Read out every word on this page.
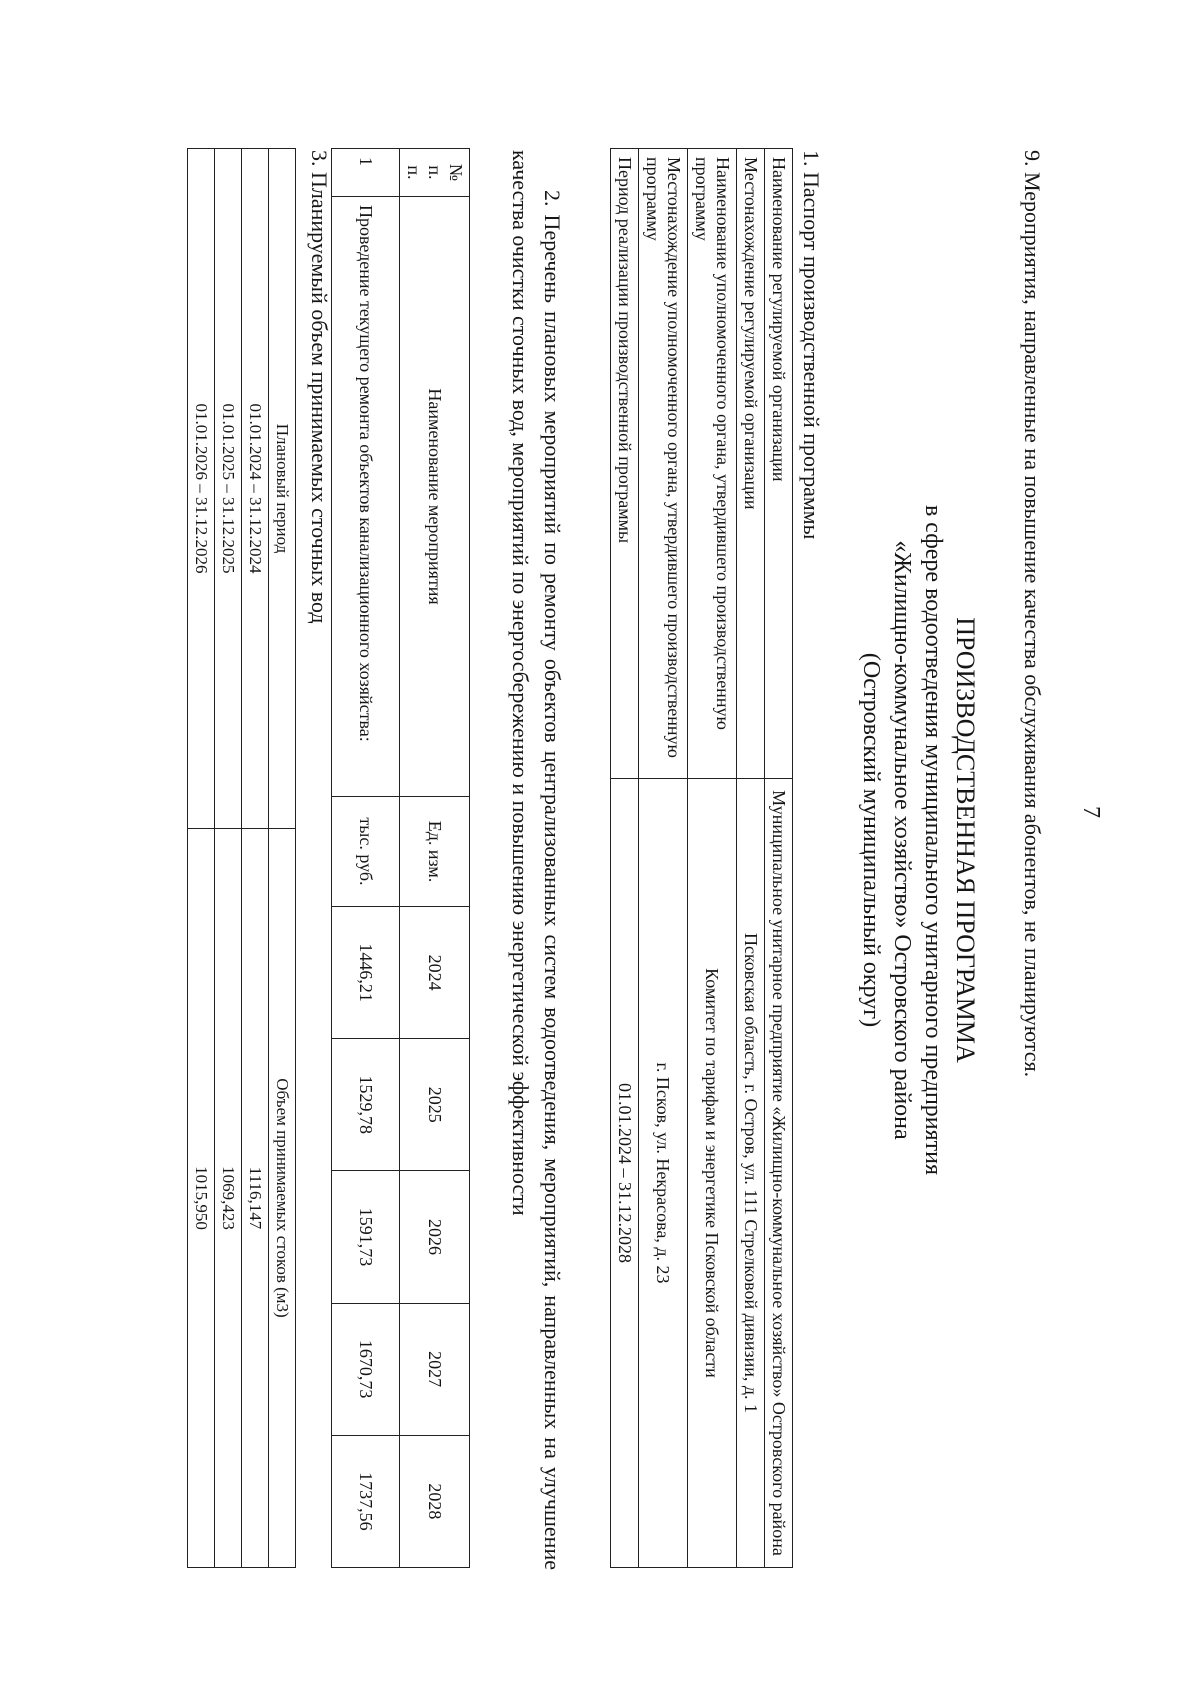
7
9. Мероприятия, направленные на повышение качества обслуживания абонентов, не планируются.
ПРОИЗВОДСТВЕННАЯ ПРОГРАММА
в сфере водоотведения муниципального унитарного предприятия
«Жилищно-коммунальное хозяйство» Островского района
(Островский муниципальный округ)
1. Паспорт производственной программы
Наименование регулируемой организации	Муниципальное унитарное предприятие «Жилищно-коммунальное хозяйство» Островского района
Местонахождение регулируемой организации	Псковская область, г. Остров, ул. 111 Стрелковой дивизии, д. 1
Наименование уполномоченного органа, утвердившего производственную программу	Комитет по тарифам и энергетике Псковской области
Местонахождение уполномоченного органа, утвердившего производственную программу	г. Псков, ул. Некрасова, д. 23
Период реализации производственной программы	01.01.2024 – 31.12.2028
2. Перечень плановых мероприятий по ремонту объектов централизованных систем водоотведения, мероприятий, направленных на улучшение качества очистки сточных вод, мероприятий по энергосбережению и повышению энергетической эффективности
№ п. п.	Наименование мероприятия	Ед. изм.	2024	2025	2026	2027	2028
1	Проведение текущего ремонта объектов канализационного хозяйства:	тыс. руб.	1446,21	1529,78	1591,73	1670,73	1737,56
3. Планируемый объем принимаемых сточных вод
Плановый период	Объем принимаемых стоков (м3)
01.01.2024 – 31.12.2024	1116,147
01.01.2025 – 31.12.2025	1069,423
01.01.2026 – 31.12.2026	1015,950
